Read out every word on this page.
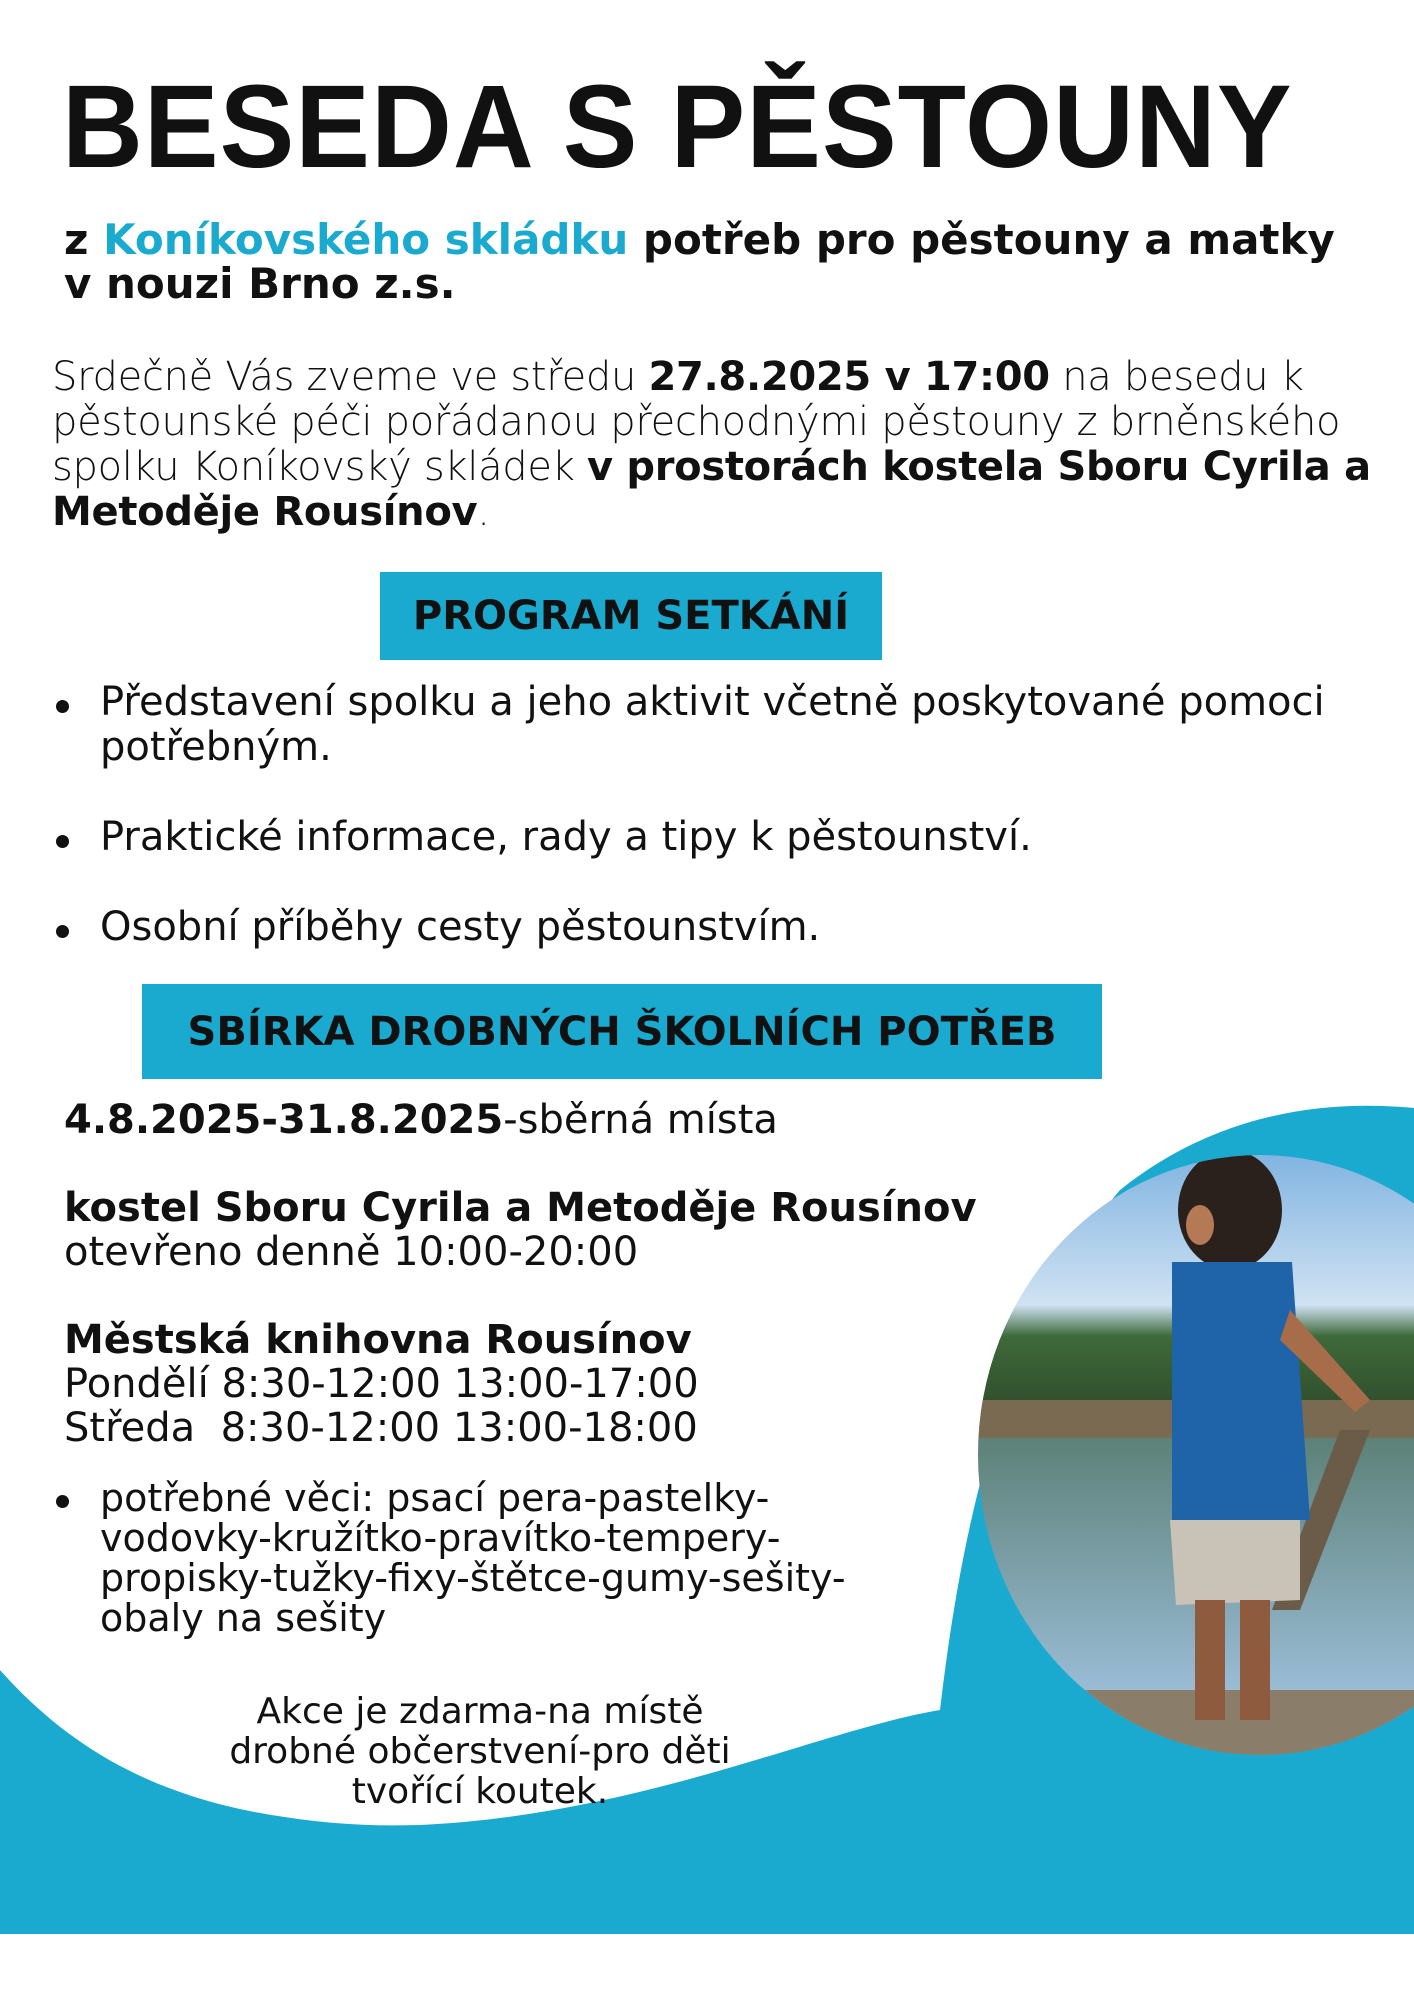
BESEDA S PĚSTOUNY
z Koníkovského skládku potřeb pro pěstouny a matky v nouzi Brno z.s.
Srdečně Vás zveme ve středu 27.8.2025 v 17:00 na besedu k pěstounské péči pořádanou přechodnými pěstouny z brněnského spolku Koníkovský skládek v prostorách kostela Sboru Cyrila a Metoděje Rousínov.
PROGRAM SETKÁNÍ
Představení spolku a jeho aktivit včetně poskytované pomoci potřebným.
Praktické informace, rady a tipy k pěstounství.
Osobní příběhy cesty pěstounstvím.
SBÍRKA DROBNÝCH ŠKOLNÍCH POTŘEB
4.8.2025-31.8.2025-sběrná místa
kostel Sboru Cyrila a Metoděje Rousínov
otevřeno denně 10:00-20:00
Městská knihovna Rousínov
Pondělí 8:30-12:00 13:00-17:00
Středa  8:30-12:00 13:00-18:00
potřebné věci: psací pera-pastelky-vodovky-kružítko-pravítko-tempery-propisky-tužky-fixy-štětce-gumy-sešity-obaly na sešity
Akce je zdarma-na místě
drobné občerstvení-pro děti
tvořící koutek.
